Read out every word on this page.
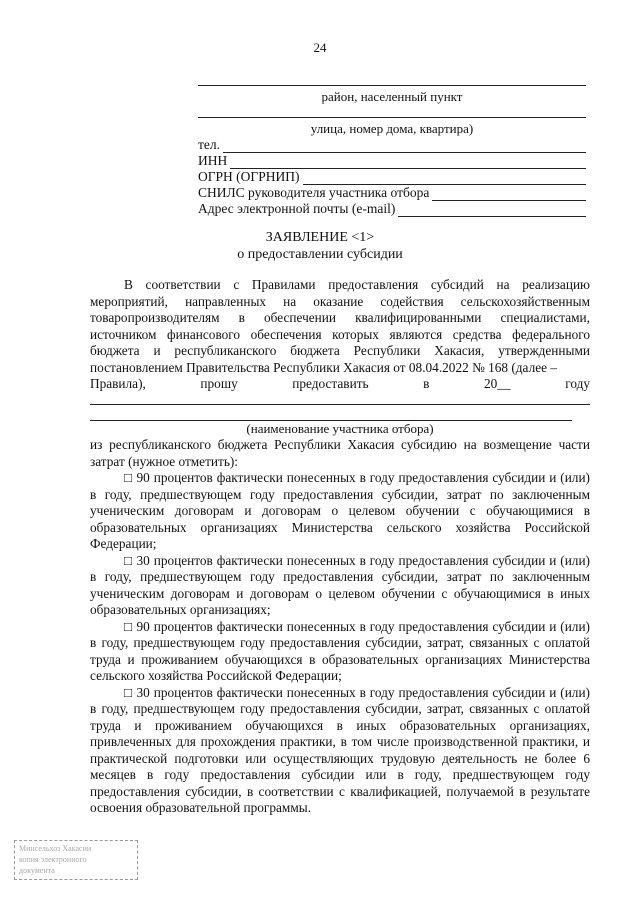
24
район, населенный пункт
улица, номер дома, квартира)
тел.
ИНН
ОГРН (ОГРНИП)
СНИЛС руководителя участника отбора
Адрес электронной почты (e-mail)
ЗАЯВЛЕНИЕ <1>
о предоставлении субсидии

В соответствии с Правилами предоставления субсидий на реализацию мероприятий, направленных на оказание содействия сельскохозяйственным товаропроизводителям в обеспечении квалифицированными специалистами, источником финансового обеспечения которых являются средства федерального бюджета и республиканского бюджета Республики Хакасия, утвержденными постановлением Правительства Республики Хакасия от 08.04.2022 № 168 (далее –

Правила), прошу предоставить в 20__ году

(наименование участника отбора)

из республиканского бюджета Республики Хакасия субсидию на возмещение части затрат (нужное отметить):

□ 90 процентов фактически понесенных в году предоставления субсидии и (или) в году, предшествующем году предоставления субсидии, затрат по заключенным ученическим договорам и договорам о целевом обучении с обучающимися в образовательных организациях Министерства сельского хозяйства Российской Федерации;

□ 30 процентов фактически понесенных в году предоставления субсидии и (или) в году, предшествующем году предоставления субсидии, затрат по заключенным ученическим договорам и договорам о целевом обучении с обучающимися в иных образовательных организациях;

□ 90 процентов фактически понесенных в году предоставления субсидии и (или) в году, предшествующем году предоставления субсидии, затрат, связанных с оплатой труда и проживанием обучающихся в образовательных организациях Министерства сельского хозяйства Российской Федерации;

□ 30 процентов фактически понесенных в году предоставления субсидии и (или) в году, предшествующем году предоставления субсидии, затрат, связанных с оплатой труда и проживанием обучающихся в иных образовательных организациях, привлеченных для прохождения практики, в том числе производственной практики, и практической подготовки или осуществляющих трудовую деятельность не более 6 месяцев в году предоставления субсидии или в году, предшествующем году предоставления субсидии, в соответствии с квалификацией, получаемой в результате освоения образовательной программы.

Минсельхоз Хакасии
копия электронного
документа
